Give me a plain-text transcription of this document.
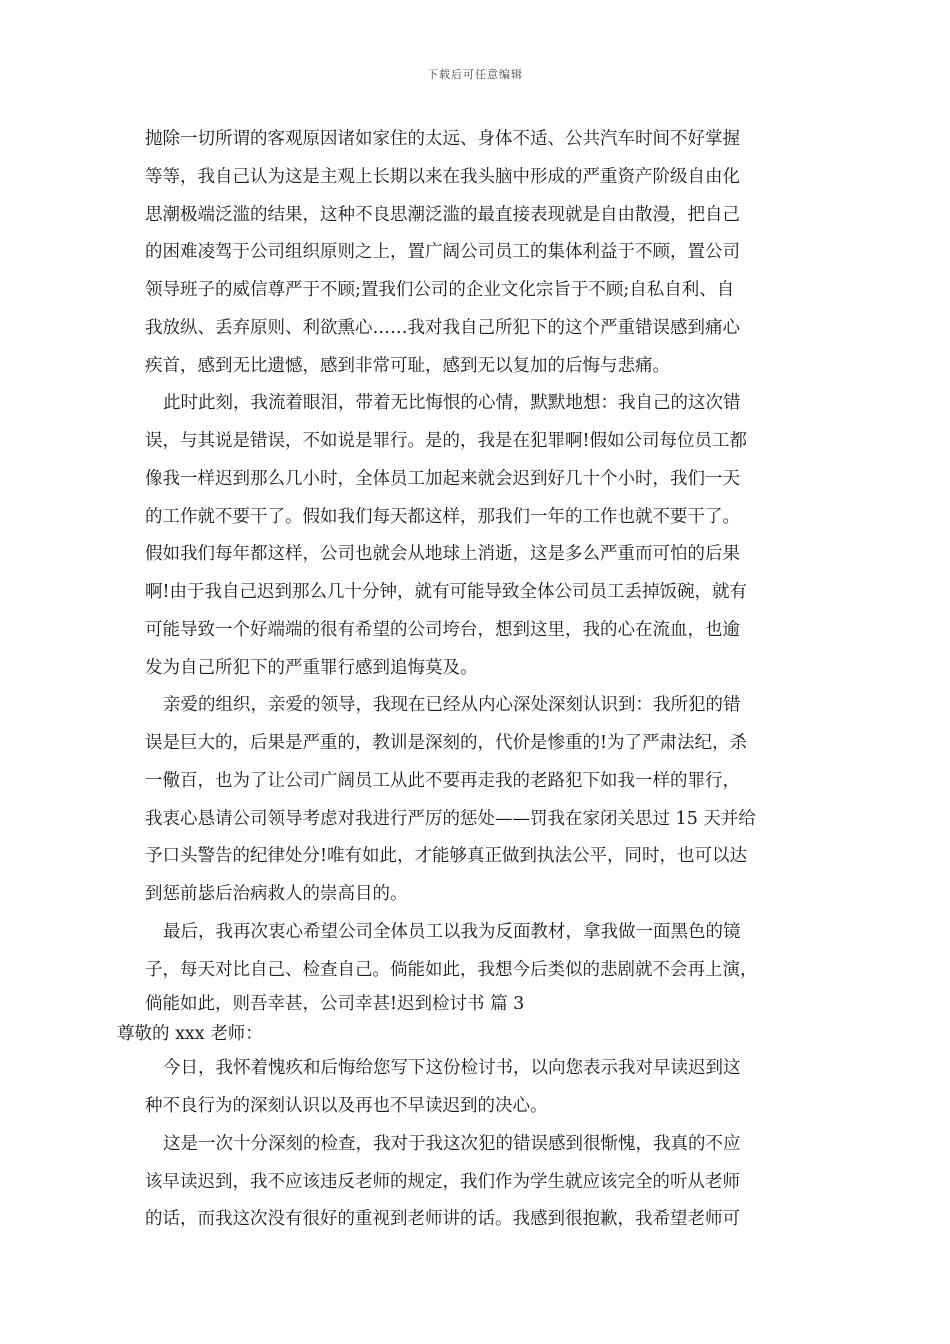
下载后可任意编辑
抛除一切所谓的客观原因诸如家住的太远、身体不适、公共汽车时间不好掌握
等等，我自己认为这是主观上长期以来在我头脑中形成的严重资产阶级自由化
思潮极端泛滥的结果，这种不良思潮泛滥的最直接表现就是自由散漫，把自己
的困难凌驾于公司组织原则之上，置广阔公司员工的集体利益于不顾，置公司
领导班子的威信尊严于不顾;置我们公司的企业文化宗旨于不顾;自私自利、自
我放纵、丢弃原则、利欲熏心……我对我自己所犯下的这个严重错误感到痛心
疾首，感到无比遗憾，感到非常可耻，感到无以复加的后悔与悲痛。
此时此刻，我流着眼泪，带着无比悔恨的心情，默默地想：我自己的这次错
误，与其说是错误，不如说是罪行。是的，我是在犯罪啊!假如公司每位员工都
像我一样迟到那么几小时，全体员工加起来就会迟到好几十个小时，我们一天
的工作就不要干了。假如我们每天都这样，那我们一年的工作也就不要干了。
假如我们每年都这样，公司也就会从地球上消逝，这是多么严重而可怕的后果
啊!由于我自己迟到那么几十分钟，就有可能导致全体公司员工丢掉饭碗，就有
可能导致一个好端端的很有希望的公司垮台，想到这里，我的心在流血，也逾
发为自己所犯下的严重罪行感到追悔莫及。
亲爱的组织，亲爱的领导，我现在已经从内心深处深刻认识到：我所犯的错
误是巨大的，后果是严重的，教训是深刻的，代价是惨重的!为了严肃法纪，杀
一儆百，也为了让公司广阔员工从此不要再走我的老路犯下如我一样的罪行，
我衷心恳请公司领导考虑对我进行严厉的惩处——罚我在家闭关思过 15 天并给
予口头警告的纪律处分!唯有如此，才能够真正做到执法公平，同时，也可以达
到惩前毖后治病救人的崇高目的。
最后，我再次衷心希望公司全体员工以我为反面教材，拿我做一面黑色的镜
子，每天对比自己、检查自己。倘能如此，我想今后类似的悲剧就不会再上演，
倘能如此，则吾幸甚，公司幸甚!迟到检讨书 篇 3
尊敬的 xxx 老师：
今日，我怀着愧疚和后悔给您写下这份检讨书，以向您表示我对早读迟到这
种不良行为的深刻认识以及再也不早读迟到的决心。
这是一次十分深刻的检查，我对于我这次犯的错误感到很惭愧，我真的不应
该早读迟到，我不应该违反老师的规定，我们作为学生就应该完全的听从老师
的话，而我这次没有很好的重视到老师讲的话。我感到很抱歉，我希望老师可
